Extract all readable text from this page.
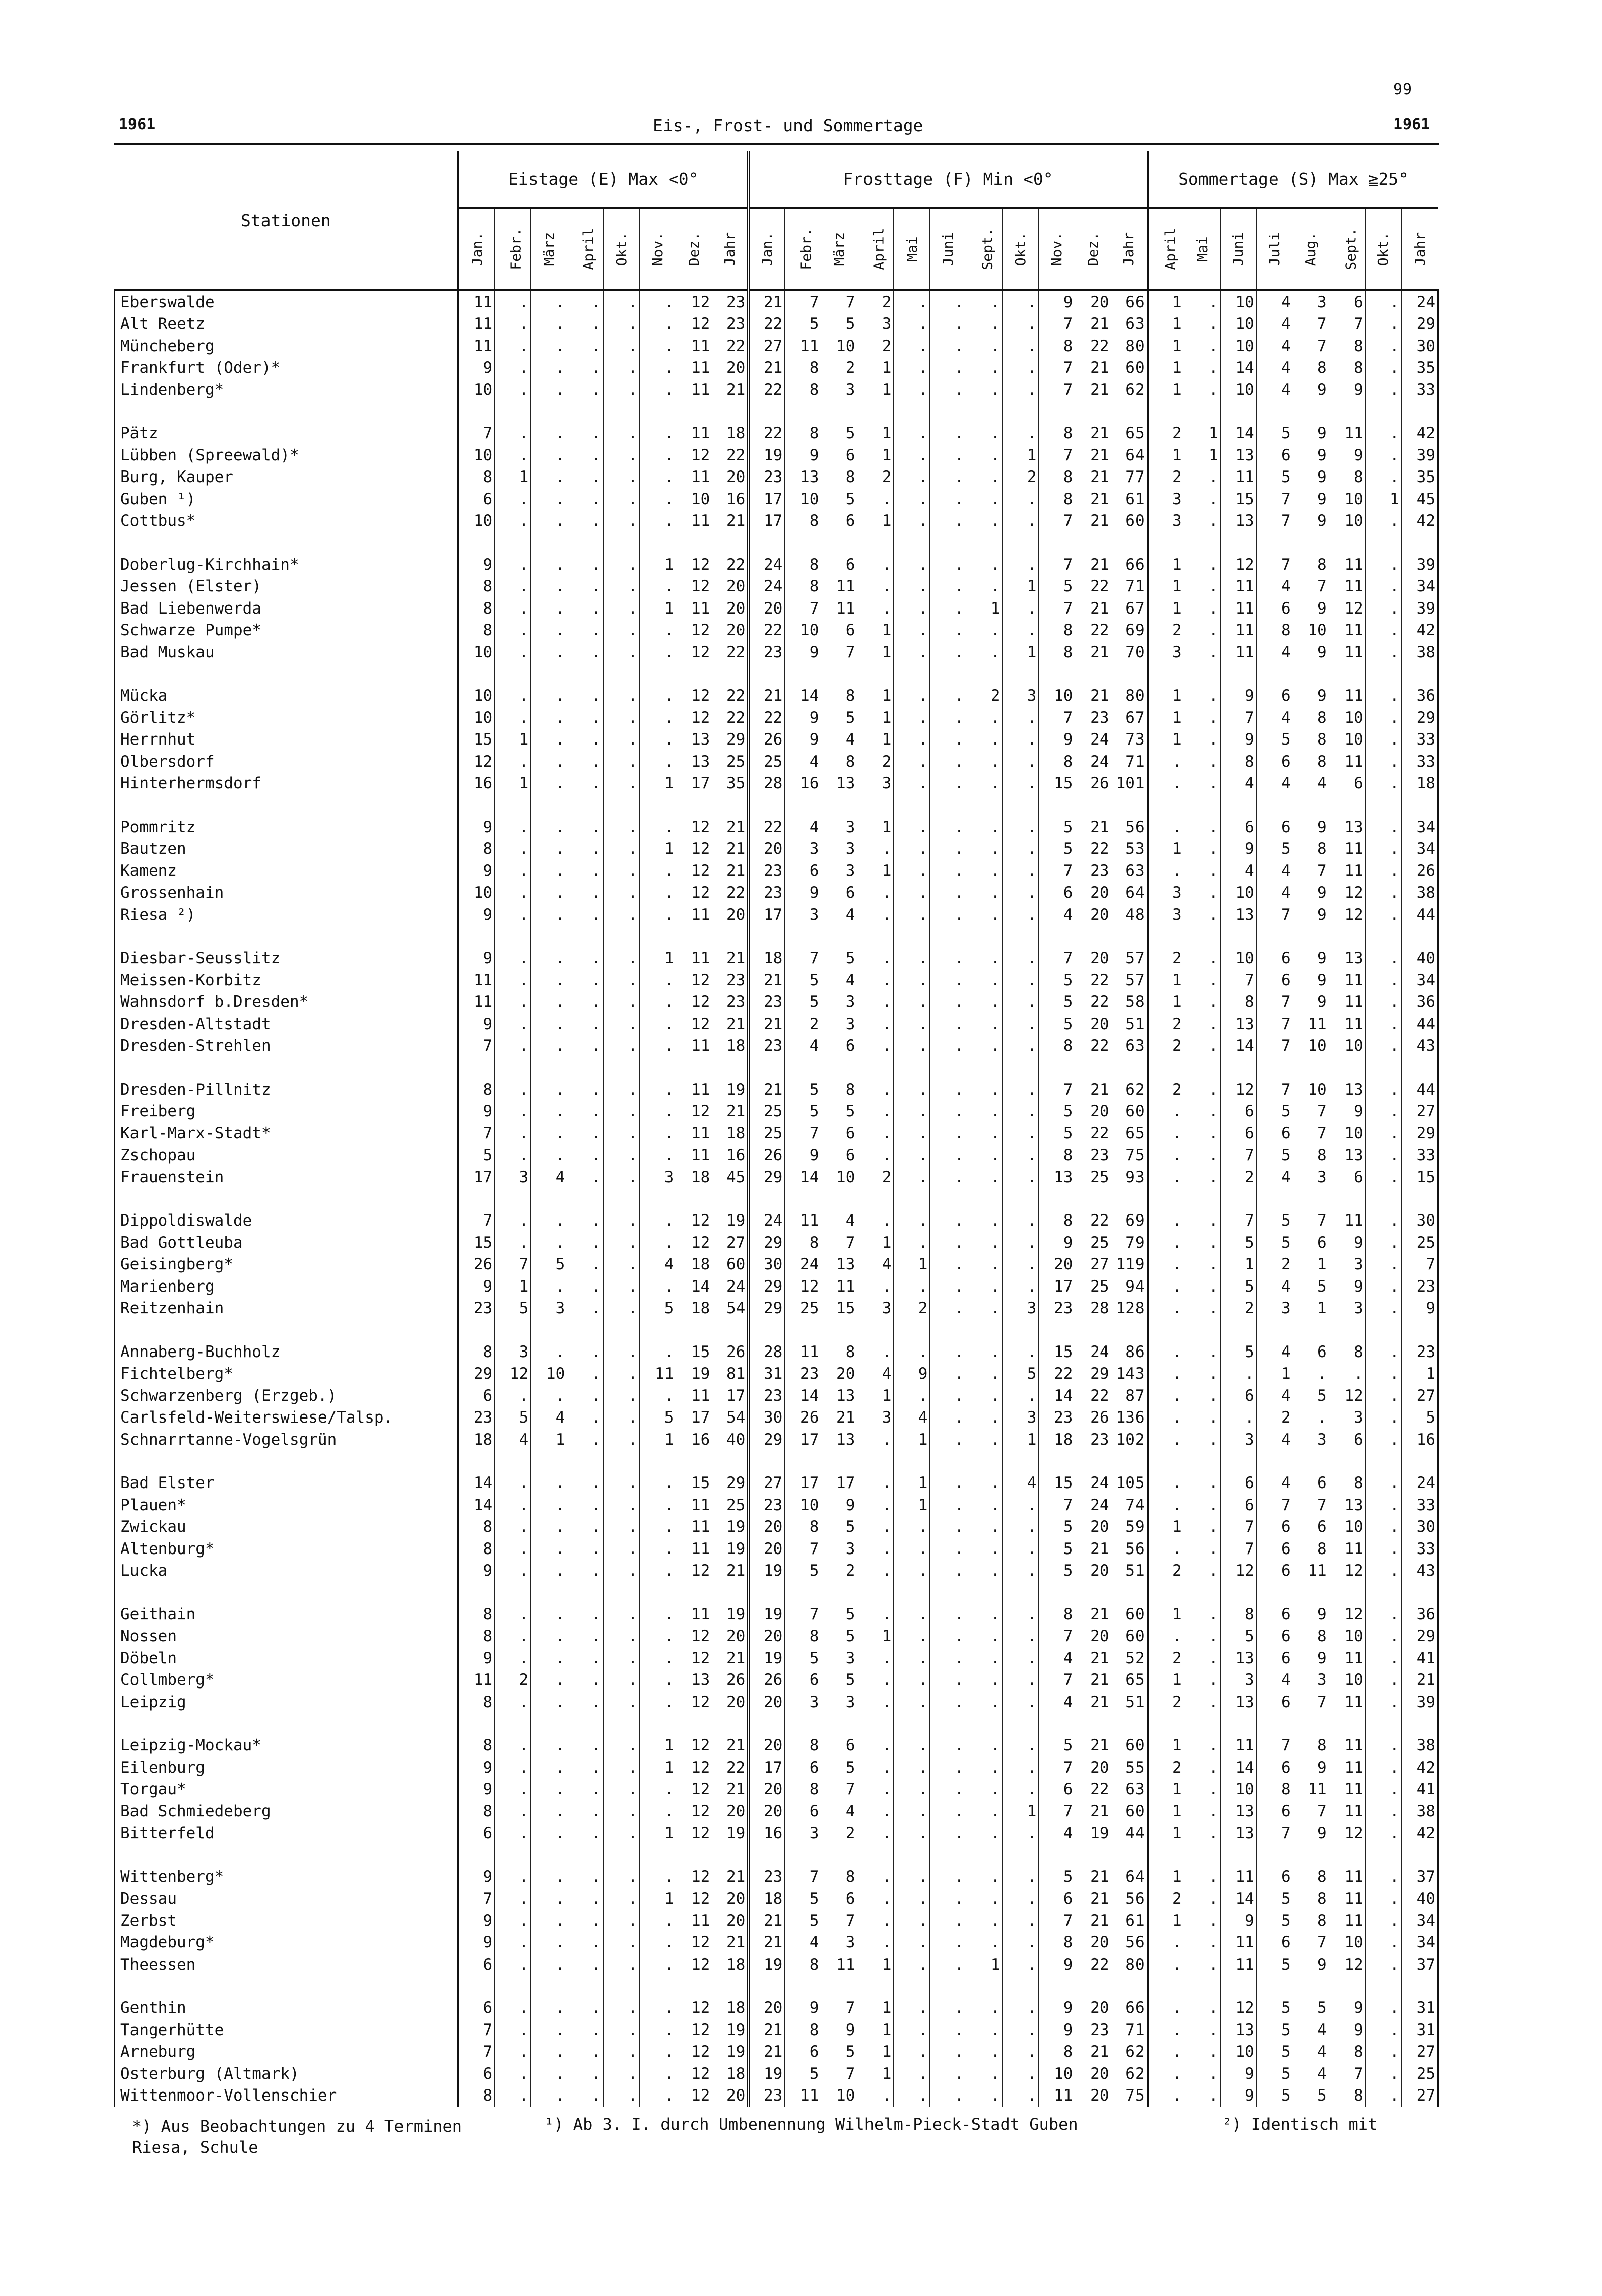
99
1961	Eis-, Frost- und Sommertage	1961
Stationen	Eistage (E) Max <0°								Frosttage (F) Min <0°											Sommertage (S) Max ≧25°							
	Jan.	Febr.	März	April	Okt.	Nov.	Dez.	Jahr	Jan.	Febr.	März	April	Mai	Juni	Sept.	Okt.	Nov.	Dez.	Jahr	April	Mai	Juni	Juli	Aug.	Sept.	Okt.	Jahr
Eberswalde	11	.	.	.	.	.	12	23	21	7	7	2	.	.	.	.	9	20	66	1	.	10	4	3	6	.	24
Alt Reetz	11	.	.	.	.	.	12	23	22	5	5	3	.	.	.	.	7	21	63	1	.	10	4	7	7	.	29
Müncheberg	11	.	.	.	.	.	11	22	27	11	10	2	.	.	.	.	8	22	80	1	.	10	4	7	8	.	30
Frankfurt (Oder)*	9	.	.	.	.	.	11	20	21	8	2	1	.	.	.	.	7	21	60	1	.	14	4	8	8	.	35
Lindenberg*	10	.	.	.	.	.	11	21	22	8	3	1	.	.	.	.	7	21	62	1	.	10	4	9	9	.	33

Pätz	7	.	.	.	.	.	11	18	22	8	5	1	.	.	.	.	8	21	65	2	1	14	5	9	11	.	42
Lübben (Spreewald)*	10	.	.	.	.	.	12	22	19	9	6	1	.	.	.	1	7	21	64	1	1	13	6	9	9	.	39
Burg, Kauper	8	1	.	.	.	.	11	20	23	13	8	2	.	.	.	2	8	21	77	2	.	11	5	9	8	.	35
Guben ¹)	6	.	.	.	.	.	10	16	17	10	5	.	.	.	.	.	8	21	61	3	.	15	7	9	10	1	45
Cottbus*	10	.	.	.	.	.	11	21	17	8	6	1	.	.	.	.	7	21	60	3	.	13	7	9	10	.	42

Doberlug-Kirchhain*	9	.	.	.	.	1	12	22	24	8	6	.	.	.	.	.	7	21	66	1	.	12	7	8	11	.	39
Jessen (Elster)	8	.	.	.	.	.	12	20	24	8	11	.	.	.	.	1	5	22	71	1	.	11	4	7	11	.	34
Bad Liebenwerda	8	.	.	.	.	1	11	20	20	7	11	.	.	.	1	.	7	21	67	1	.	11	6	9	12	.	39
Schwarze Pumpe*	8	.	.	.	.	.	12	20	22	10	6	1	.	.	.	.	8	22	69	2	.	11	8	10	11	.	42
Bad Muskau	10	.	.	.	.	.	12	22	23	9	7	1	.	.	.	1	8	21	70	3	.	11	4	9	11	.	38

Mücka	10	.	.	.	.	.	12	22	21	14	8	1	.	.	2	3	10	21	80	1	.	9	6	9	11	.	36
Görlitz*	10	.	.	.	.	.	12	22	22	9	5	1	.	.	.	.	7	23	67	1	.	7	4	8	10	.	29
Herrnhut	15	1	.	.	.	.	13	29	26	9	4	1	.	.	.	.	9	24	73	1	.	9	5	8	10	.	33
Olbersdorf	12	.	.	.	.	.	13	25	25	4	8	2	.	.	.	.	8	24	71	.	.	8	6	8	11	.	33
Hinterhermsdorf	16	1	.	.	.	1	17	35	28	16	13	3	.	.	.	.	15	26	101	.	.	4	4	4	6	.	18

Pommritz	9	.	.	.	.	.	12	21	22	4	3	1	.	.	.	.	5	21	56	.	.	6	6	9	13	.	34
Bautzen	8	.	.	.	.	1	12	21	20	3	3	.	.	.	.	.	5	22	53	1	.	9	5	8	11	.	34
Kamenz	9	.	.	.	.	.	12	21	23	6	3	1	.	.	.	.	7	23	63	.	.	4	4	7	11	.	26
Grossenhain	10	.	.	.	.	.	12	22	23	9	6	.	.	.	.	.	6	20	64	3	.	10	4	9	12	.	38
Riesa ²)	9	.	.	.	.	.	11	20	17	3	4	.	.	.	.	.	4	20	48	3	.	13	7	9	12	.	44

Diesbar-Seusslitz	9	.	.	.	.	1	11	21	18	7	5	.	.	.	.	.	7	20	57	2	.	10	6	9	13	.	40
Meissen-Korbitz	11	.	.	.	.	.	12	23	21	5	4	.	.	.	.	.	5	22	57	1	.	7	6	9	11	.	34
Wahnsdorf b.Dresden*	11	.	.	.	.	.	12	23	23	5	3	.	.	.	.	.	5	22	58	1	.	8	7	9	11	.	36
Dresden-Altstadt	9	.	.	.	.	.	12	21	21	2	3	.	.	.	.	.	5	20	51	2	.	13	7	11	11	.	44
Dresden-Strehlen	7	.	.	.	.	.	11	18	23	4	6	.	.	.	.	.	8	22	63	2	.	14	7	10	10	.	43

Dresden-Pillnitz	8	.	.	.	.	.	11	19	21	5	8	.	.	.	.	.	7	21	62	2	.	12	7	10	13	.	44
Freiberg	9	.	.	.	.	.	12	21	25	5	5	.	.	.	.	.	5	20	60	.	.	6	5	7	9	.	27
Karl-Marx-Stadt*	7	.	.	.	.	.	11	18	25	7	6	.	.	.	.	.	5	22	65	.	.	6	6	7	10	.	29
Zschopau	5	.	.	.	.	.	11	16	26	9	6	.	.	.	.	.	8	23	75	.	.	7	5	8	13	.	33
Frauenstein	17	3	4	.	.	3	18	45	29	14	10	2	.	.	.	.	13	25	93	.	.	2	4	3	6	.	15

Dippoldiswalde	7	.	.	.	.	.	12	19	24	11	4	.	.	.	.	.	8	22	69	.	.	7	5	7	11	.	30
Bad Gottleuba	15	.	.	.	.	.	12	27	29	8	7	1	.	.	.	.	9	25	79	.	.	5	5	6	9	.	25
Geisingberg*	26	7	5	.	.	4	18	60	30	24	13	4	1	.	.	.	20	27	119	.	.	1	2	1	3	.	7
Marienberg	9	1	.	.	.	.	14	24	29	12	11	.	.	.	.	.	17	25	94	.	.	5	4	5	9	.	23
Reitzenhain	23	5	3	.	.	5	18	54	29	25	15	3	2	.	.	3	23	28	128	.	.	2	3	1	3	.	9

Annaberg-Buchholz	8	3	.	.	.	.	15	26	28	11	8	.	.	.	.	.	15	24	86	.	.	5	4	6	8	.	23
Fichtelberg*	29	12	10	.	.	11	19	81	31	23	20	4	9	.	.	5	22	29	143	.	.	.	1	.	.	.	1
Schwarzenberg (Erzgeb.)	6	.	.	.	.	.	11	17	23	14	13	1	.	.	.	.	14	22	87	.	.	6	4	5	12	.	27
Carlsfeld-Weiterswiese/Talsp.	23	5	4	.	.	5	17	54	30	26	21	3	4	.	.	3	23	26	136	.	.	.	2	.	3	.	5
Schnarrtanne-Vogelsgrün	18	4	1	.	.	1	16	40	29	17	13	.	1	.	.	1	18	23	102	.	.	3	4	3	6	.	16

Bad Elster	14	.	.	.	.	.	15	29	27	17	17	.	1	.	.	4	15	24	105	.	.	6	4	6	8	.	24
Plauen*	14	.	.	.	.	.	11	25	23	10	9	.	1	.	.	.	7	24	74	.	.	6	7	7	13	.	33
Zwickau	8	.	.	.	.	.	11	19	20	8	5	.	.	.	.	.	5	20	59	1	.	7	6	6	10	.	30
Altenburg*	8	.	.	.	.	.	11	19	20	7	3	.	.	.	.	.	5	21	56	.	.	7	6	8	11	.	33
Lucka	9	.	.	.	.	.	12	21	19	5	2	.	.	.	.	.	5	20	51	2	.	12	6	11	12	.	43

Geithain	8	.	.	.	.	.	11	19	19	7	5	.	.	.	.	.	8	21	60	1	.	8	6	9	12	.	36
Nossen	8	.	.	.	.	.	12	20	20	8	5	1	.	.	.	.	7	20	60	.	.	5	6	8	10	.	29
Döbeln	9	.	.	.	.	.	12	21	19	5	3	.	.	.	.	.	4	21	52	2	.	13	6	9	11	.	41
Collmberg*	11	2	.	.	.	.	13	26	26	6	5	.	.	.	.	.	7	21	65	1	.	3	4	3	10	.	21
Leipzig	8	.	.	.	.	.	12	20	20	3	3	.	.	.	.	.	4	21	51	2	.	13	6	7	11	.	39

Leipzig-Mockau*	8	.	.	.	.	1	12	21	20	8	6	.	.	.	.	.	5	21	60	1	.	11	7	8	11	.	38
Eilenburg	9	.	.	.	.	1	12	22	17	6	5	.	.	.	.	.	7	20	55	2	.	14	6	9	11	.	42
Torgau*	9	.	.	.	.	.	12	21	20	8	7	.	.	.	.	.	6	22	63	1	.	10	8	11	11	.	41
Bad Schmiedeberg	8	.	.	.	.	.	12	20	20	6	4	.	.	.	.	1	7	21	60	1	.	13	6	7	11	.	38
Bitterfeld	6	.	.	.	.	1	12	19	16	3	2	.	.	.	.	.	4	19	44	1	.	13	7	9	12	.	42

Wittenberg*	9	.	.	.	.	.	12	21	23	7	8	.	.	.	.	.	5	21	64	1	.	11	6	8	11	.	37
Dessau	7	.	.	.	.	1	12	20	18	5	6	.	.	.	.	.	6	21	56	2	.	14	5	8	11	.	40
Zerbst	9	.	.	.	.	.	11	20	21	5	7	.	.	.	.	.	7	21	61	1	.	9	5	8	11	.	34
Magdeburg*	9	.	.	.	.	.	12	21	21	4	3	.	.	.	.	.	8	20	56	.	.	11	6	7	10	.	34
Theessen	6	.	.	.	.	.	12	18	19	8	11	1	.	.	1	.	9	22	80	.	.	11	5	9	12	.	37

Genthin	6	.	.	.	.	.	12	18	20	9	7	1	.	.	.	.	9	20	66	.	.	12	5	5	9	.	31
Tangerhütte	7	.	.	.	.	.	12	19	21	8	9	1	.	.	.	.	9	23	71	.	.	13	5	4	9	.	31
Arneburg	7	.	.	.	.	.	12	19	21	6	5	1	.	.	.	.	8	21	62	.	.	10	5	4	8	.	27
Osterburg (Altmark)	6	.	.	.	.	.	12	18	19	5	7	1	.	.	.	.	10	20	62	.	.	9	5	4	7	.	25
Wittenmoor-Vollenschier	8	.	.	.	.	.	12	20	23	11	10	.	.	.	.	.	11	20	75	.	.	9	5	5	8	.	27
*) Aus Beobachtungen zu 4 Terminen	¹) Ab 3. I. durch Umbenennung Wilhelm-Pieck-Stadt Guben	²) Identisch mit
Riesa, Schule
